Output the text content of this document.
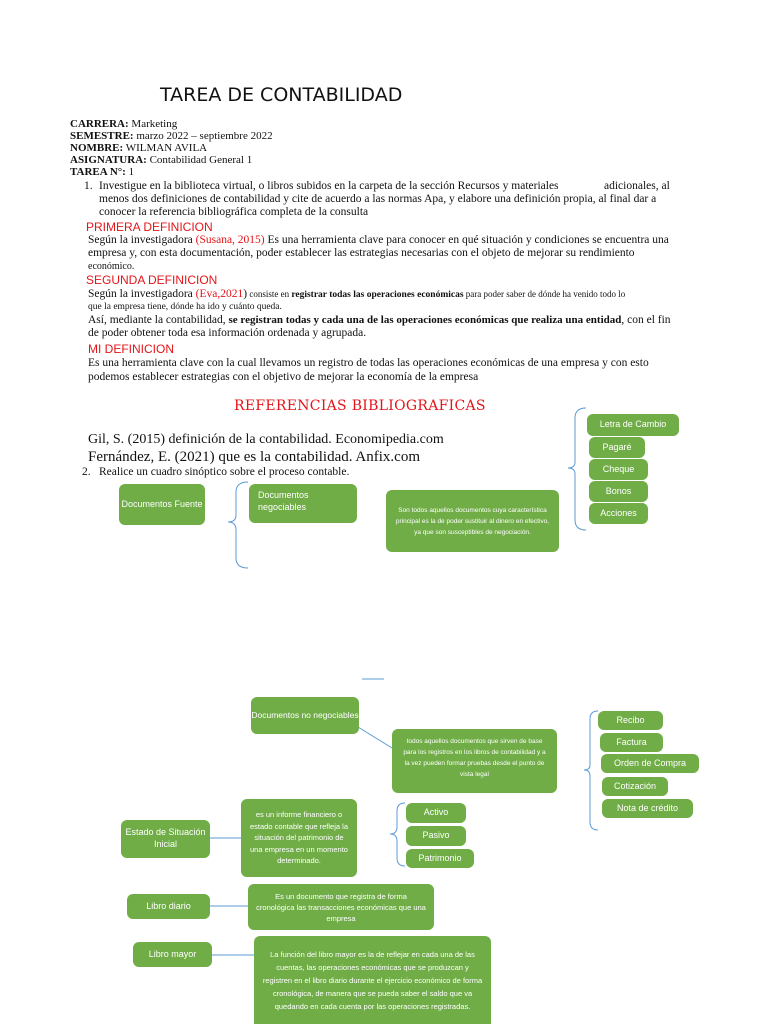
TAREA DE CONTABILIDAD
CARRERA: Marketing
SEMESTRE: marzo 2022 – septiembre 2022
NOMBRE: WILMAN AVILA
ASIGNATURA: Contabilidad General 1
TAREA N°: 1
1. Investigue en la biblioteca virtual, o libros subidos en la carpeta de la sección Recursos y materiales	adicionales, al
menos dos definiciones de contabilidad y cite de acuerdo a las normas Apa, y elabore una definición propia, al final dar a
conocer la referencia bibliográfica completa de la consulta
PRIMERA DEFINICION
Según la investigadora (Susana, 2015) Es una herramienta clave para conocer en qué situación y condiciones se encuentra una
empresa y, con esta documentación, poder establecer las estrategias necesarias con el objeto de mejorar su rendimiento
económico.
SEGUNDA DEFINICION
Según la investigadora (Eva,2021) consiste en registrar todas las operaciones económicas para poder saber de dónde ha venido todo lo
que la empresa tiene, dónde ha ido y cuánto queda.
Así, mediante la contabilidad, se registran todas y cada una de las operaciones económicas que realiza una entidad, con el fin
de poder obtener toda esa información ordenada y agrupada.
MI DEFINICION
Es una herramienta clave con la cual llevamos un registro de todas las operaciones económicas de una empresa y con esto
podemos establecer estrategias con el objetivo de mejorar la economía de la empresa
REFERENCIAS BIBLIOGRAFICAS
Gil, S. (2015) definición de la contabilidad. Economipedia.com
Fernández, E. (2021) que es la contabilidad. Anfix.com
2. Realice un cuadro sinóptico sobre el proceso contable.
Documentos Fuente
Documentos negociables	Son todos aquellos documentos cuya característica principal es la de poder sustituir al dinero en efectivo, ya que son susceptibles de negociación.
Letra de Cambio
Pagaré
Cheque
Bonos
Acciones
Documentos no negociables
todos aquellos documentos que sirven de base para los registros en los libros de contabilidad y a la vez pueden formar pruebas desde el punto de vista legal
Recibo
Factura
Orden de Compra
Cotización
Nota de crédito
Estado de Situación Inicial
es un informe financiero o estado contable que refleja la situación del patrimonio de una empresa en un momento determinado.
Activo
Pasivo
Patrimonio
Libro diario
Es un documento que registra de forma cronológica las transacciones económicas que una empresa
Libro mayor	La función del libro mayor es la de reflejar en cada una de las cuentas, las operaciones económicas que se produzcan y registren en el libro diario durante el ejercicio económico de forma cronológica, de manera que se pueda saber el saldo que va quedando en cada cuenta por las operaciones registradas.
